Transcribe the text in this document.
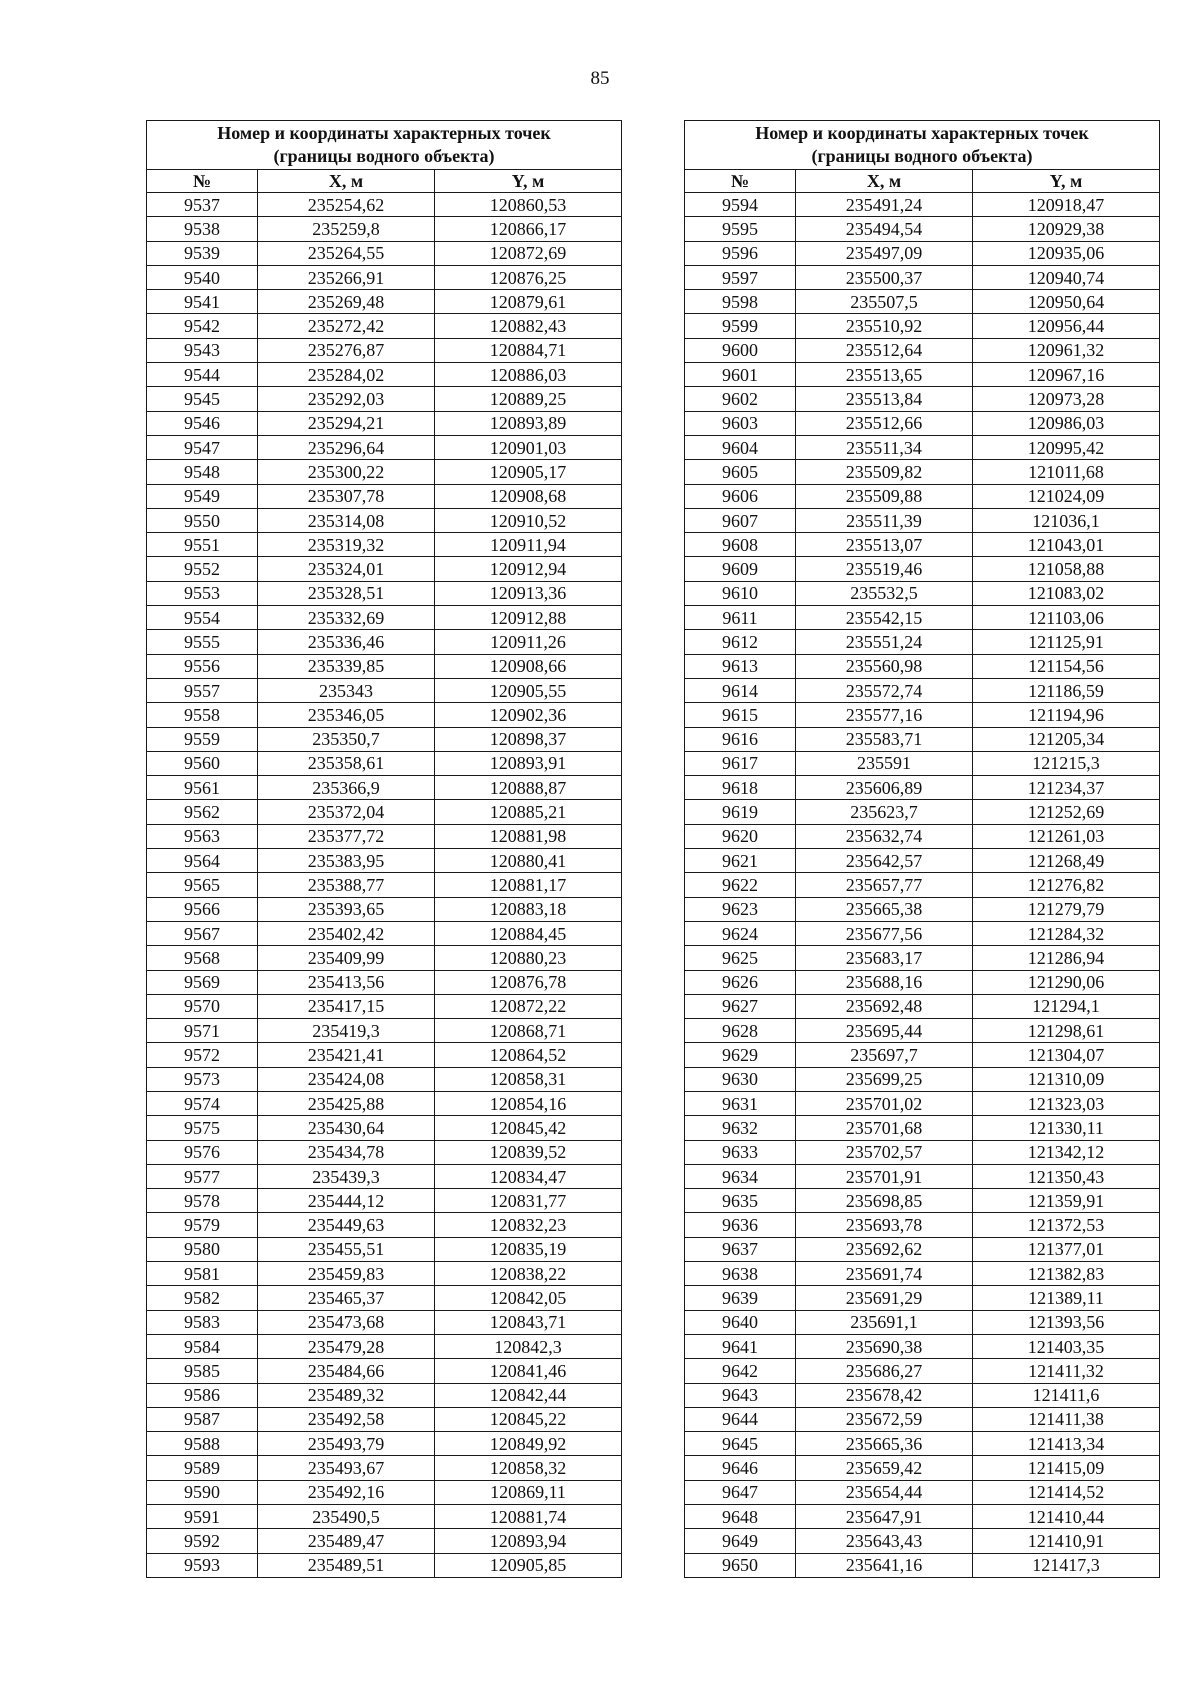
85
Номер и координаты характерных точек
(границы водного объекта)		
№	X, м	Y, м
9537	235254,62	120860,53
9538	235259,8	120866,17
9539	235264,55	120872,69
9540	235266,91	120876,25
9541	235269,48	120879,61
9542	235272,42	120882,43
9543	235276,87	120884,71
9544	235284,02	120886,03
9545	235292,03	120889,25
9546	235294,21	120893,89
9547	235296,64	120901,03
9548	235300,22	120905,17
9549	235307,78	120908,68
9550	235314,08	120910,52
9551	235319,32	120911,94
9552	235324,01	120912,94
9553	235328,51	120913,36
9554	235332,69	120912,88
9555	235336,46	120911,26
9556	235339,85	120908,66
9557	235343	120905,55
9558	235346,05	120902,36
9559	235350,7	120898,37
9560	235358,61	120893,91
9561	235366,9	120888,87
9562	235372,04	120885,21
9563	235377,72	120881,98
9564	235383,95	120880,41
9565	235388,77	120881,17
9566	235393,65	120883,18
9567	235402,42	120884,45
9568	235409,99	120880,23
9569	235413,56	120876,78
9570	235417,15	120872,22
9571	235419,3	120868,71
9572	235421,41	120864,52
9573	235424,08	120858,31
9574	235425,88	120854,16
9575	235430,64	120845,42
9576	235434,78	120839,52
9577	235439,3	120834,47
9578	235444,12	120831,77
9579	235449,63	120832,23
9580	235455,51	120835,19
9581	235459,83	120838,22
9582	235465,37	120842,05
9583	235473,68	120843,71
9584	235479,28	120842,3
9585	235484,66	120841,46
9586	235489,32	120842,44
9587	235492,58	120845,22
9588	235493,79	120849,92
9589	235493,67	120858,32
9590	235492,16	120869,11
9591	235490,5	120881,74
9592	235489,47	120893,94
9593	235489,51	120905,85
Номер и координаты характерных точек
(границы водного объекта)		
№	X, м	Y, м
9594	235491,24	120918,47
9595	235494,54	120929,38
9596	235497,09	120935,06
9597	235500,37	120940,74
9598	235507,5	120950,64
9599	235510,92	120956,44
9600	235512,64	120961,32
9601	235513,65	120967,16
9602	235513,84	120973,28
9603	235512,66	120986,03
9604	235511,34	120995,42
9605	235509,82	121011,68
9606	235509,88	121024,09
9607	235511,39	121036,1
9608	235513,07	121043,01
9609	235519,46	121058,88
9610	235532,5	121083,02
9611	235542,15	121103,06
9612	235551,24	121125,91
9613	235560,98	121154,56
9614	235572,74	121186,59
9615	235577,16	121194,96
9616	235583,71	121205,34
9617	235591	121215,3
9618	235606,89	121234,37
9619	235623,7	121252,69
9620	235632,74	121261,03
9621	235642,57	121268,49
9622	235657,77	121276,82
9623	235665,38	121279,79
9624	235677,56	121284,32
9625	235683,17	121286,94
9626	235688,16	121290,06
9627	235692,48	121294,1
9628	235695,44	121298,61
9629	235697,7	121304,07
9630	235699,25	121310,09
9631	235701,02	121323,03
9632	235701,68	121330,11
9633	235702,57	121342,12
9634	235701,91	121350,43
9635	235698,85	121359,91
9636	235693,78	121372,53
9637	235692,62	121377,01
9638	235691,74	121382,83
9639	235691,29	121389,11
9640	235691,1	121393,56
9641	235690,38	121403,35
9642	235686,27	121411,32
9643	235678,42	121411,6
9644	235672,59	121411,38
9645	235665,36	121413,34
9646	235659,42	121415,09
9647	235654,44	121414,52
9648	235647,91	121410,44
9649	235643,43	121410,91
9650	235641,16	121417,3
